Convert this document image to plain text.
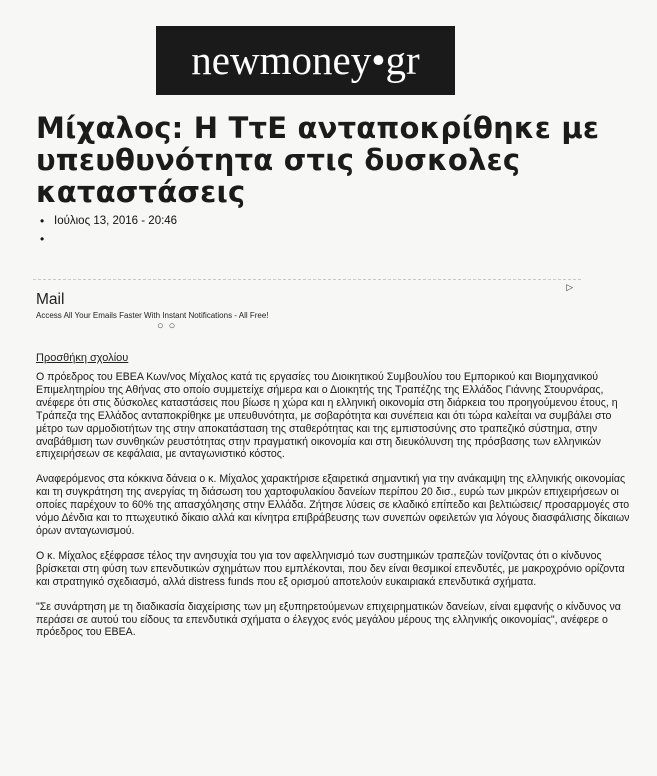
newmoney•gr
Μίχαλος: Η ΤτΕ ανταποκρίθηκε με υπευθυνότητα στις δυσκολες καταστάσεις
• Ιούλιος 13, 2016 - 20:46
•
Mail
Access All Your Emails Faster With Instant Notifications - All Free!
▷
○○
Προσθήκη σχολίου

Ο πρόεδρος του ΕΒΕΑ Κων/νος Μίχαλος κατά τις εργασίες του Διοικητικού Συμβουλίου του Εμπορικού και Βιομηχανικού Επιμελητηρίου της Αθήνας στο οποίο συμμετείχε σήμερα και ο Διοικητής της Τραπέζης της Ελλάδος Γιάννης Στουρνάρας, ανέφερε ότι στις δύσκολες καταστάσεις που βίωσε η χώρα και η ελληνική οικονομία στη διάρκεια του προηγούμενου έτους, η Τράπεζα της Ελλάδος ανταποκρίθηκε με υπευθυνότητα, με σοβαρότητα και συνέπεια και ότι τώρα καλείται να συμβάλει στο μέτρο των αρμοδιοτήτων της στην αποκατάσταση της σταθερότητας και της εμπιστοσύνης στο τραπεζικό σύστημα, στην αναβάθμιση των συνθηκών ρευστότητας στην πραγματική οικονομία και στη διευκόλυνση της πρόσβασης των ελληνικών επιχειρήσεων σε κεφάλαια, με ανταγωνιστικό κόστος.

Αναφερόμενος στα κόκκινα δάνεια ο κ. Μίχαλος χαρακτήρισε εξαιρετικά σημαντική για την ανάκαμψη της ελληνικής οικονομίας και τη συγκράτηση της ανεργίας τη διάσωση του χαρτοφυλακίου δανείων περίπου 20 δισ., ευρώ των μικρών επιχειρήσεων οι οποίες παρέχουν το 60% της απασχόλησης στην Ελλάδα. Ζήτησε λύσεις σε κλαδικό επίπεδο και βελτιώσεις/ προσαρμογές στο νόμο Δένδια και το πτωχευτικό δίκαιο αλλά και κίνητρα επιβράβευσης των συνεπών οφειλετών για λόγους διασφάλισης δίκαιων όρων ανταγωνισμού.

Ο κ. Μίχαλος εξέφρασε τέλος την ανησυχία του για τον αφελληνισμό των συστημικών τραπεζών τονίζοντας ότι ο κίνδυνος βρίσκεται στη φύση των επενδυτικών σχημάτων που εμπλέκονται, που δεν είναι θεσμικοί επενδυτές, με μακροχρόνιο ορίζοντα και στρατηγικό σχεδιασμό, αλλά distress funds που εξ ορισμού αποτελούν ευκαιριακά επενδυτικά σχήματα.

"Σε συνάρτηση με τη διαδικασία διαχείρισης των μη εξυπηρετούμενων επιχειρηματικών δανείων, είναι εμφανής ο κίνδυνος να περάσει σε αυτού του είδους τα επενδυτικά σχήματα ο έλεγχος ενός μεγάλου μέρους της ελληνικής οικονομίας", ανέφερε ο πρόεδρος του ΕΒΕΑ.
